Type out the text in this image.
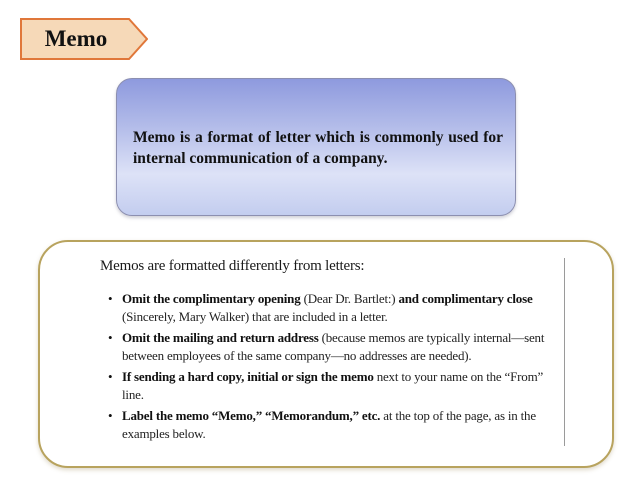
Memo
Memo is a format of letter which is commonly used for internal communication of a company.
Memos are formatted differently from letters:
• Omit the complimentary opening (Dear Dr. Bartlet:) and complimentary close (Sincerely, Mary Walker) that are included in a letter.
• Omit the mailing and return address (because memos are typically internal—sent between employees of the same company—no addresses are needed).
• If sending a hard copy, initial or sign the memo next to your name on the “From” line.
• Label the memo “Memo,” “Memorandum,” etc. at the top of the page, as in the examples below.
